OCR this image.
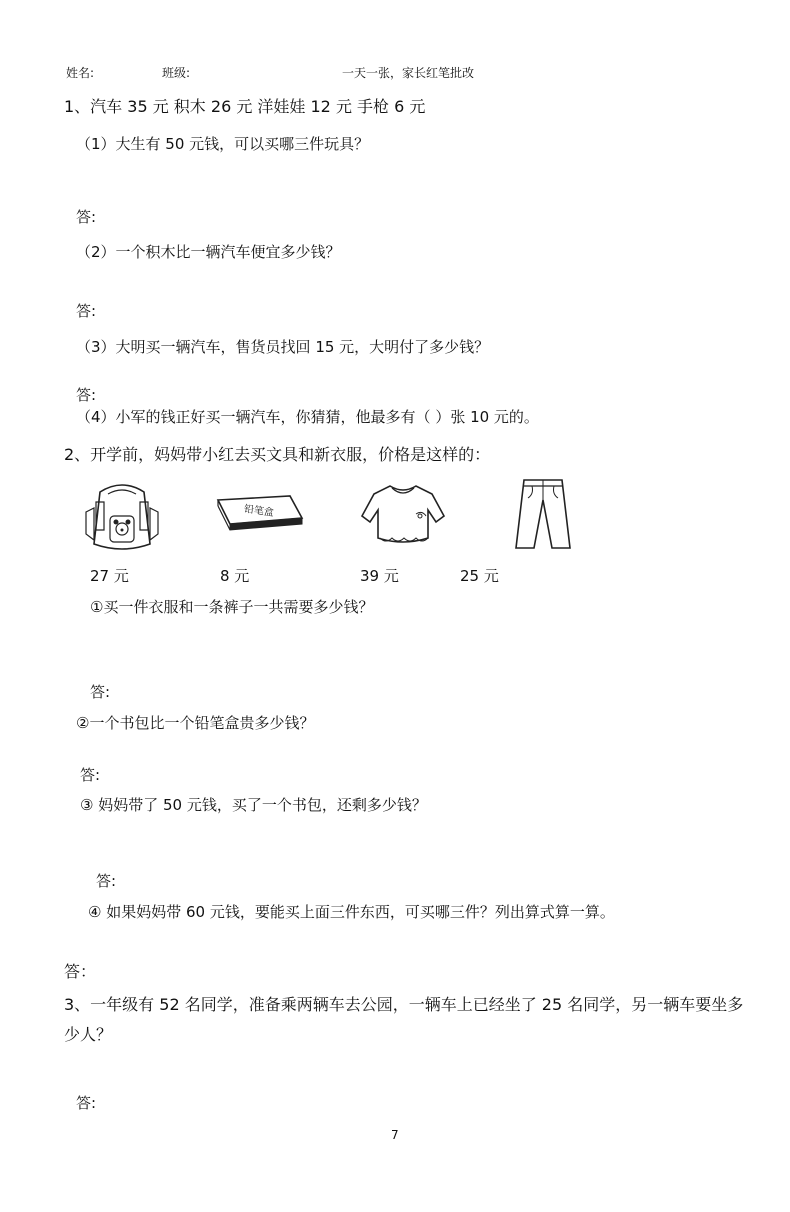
姓名:	班级:	一天一张，家长红笔批改
1、汽车 35 元 积木 26 元 洋娃娃 12 元 手枪 6 元
（1）大生有 50 元钱，可以买哪三件玩具？
答:
（2）一个积木比一辆汽车便宜多少钱？
答:
（3）大明买一辆汽车，售货员找回 15 元，大明付了多少钱？
答:
（4）小军的钱正好买一辆汽车，你猜猜，他最多有（ ）张 10 元的。
2、开学前，妈妈带小红去买文具和新衣服，价格是这样的：
铅笔盒
27 元	8 元	39 元	25 元
①买一件衣服和一条裤子一共需要多少钱？
答:
②一个书包比一个铅笔盒贵多少钱？
答:
③ 妈妈带了 50 元钱，买了一个书包，还剩多少钱？
答:
④ 如果妈妈带 60 元钱，要能买上面三件东西，可买哪三件？列出算式算一算。
答：
3、一年级有 52 名同学，准备乘两辆车去公园，一辆车上已经坐了 25 名同学，另一辆车要坐多
少人？
答:
7
